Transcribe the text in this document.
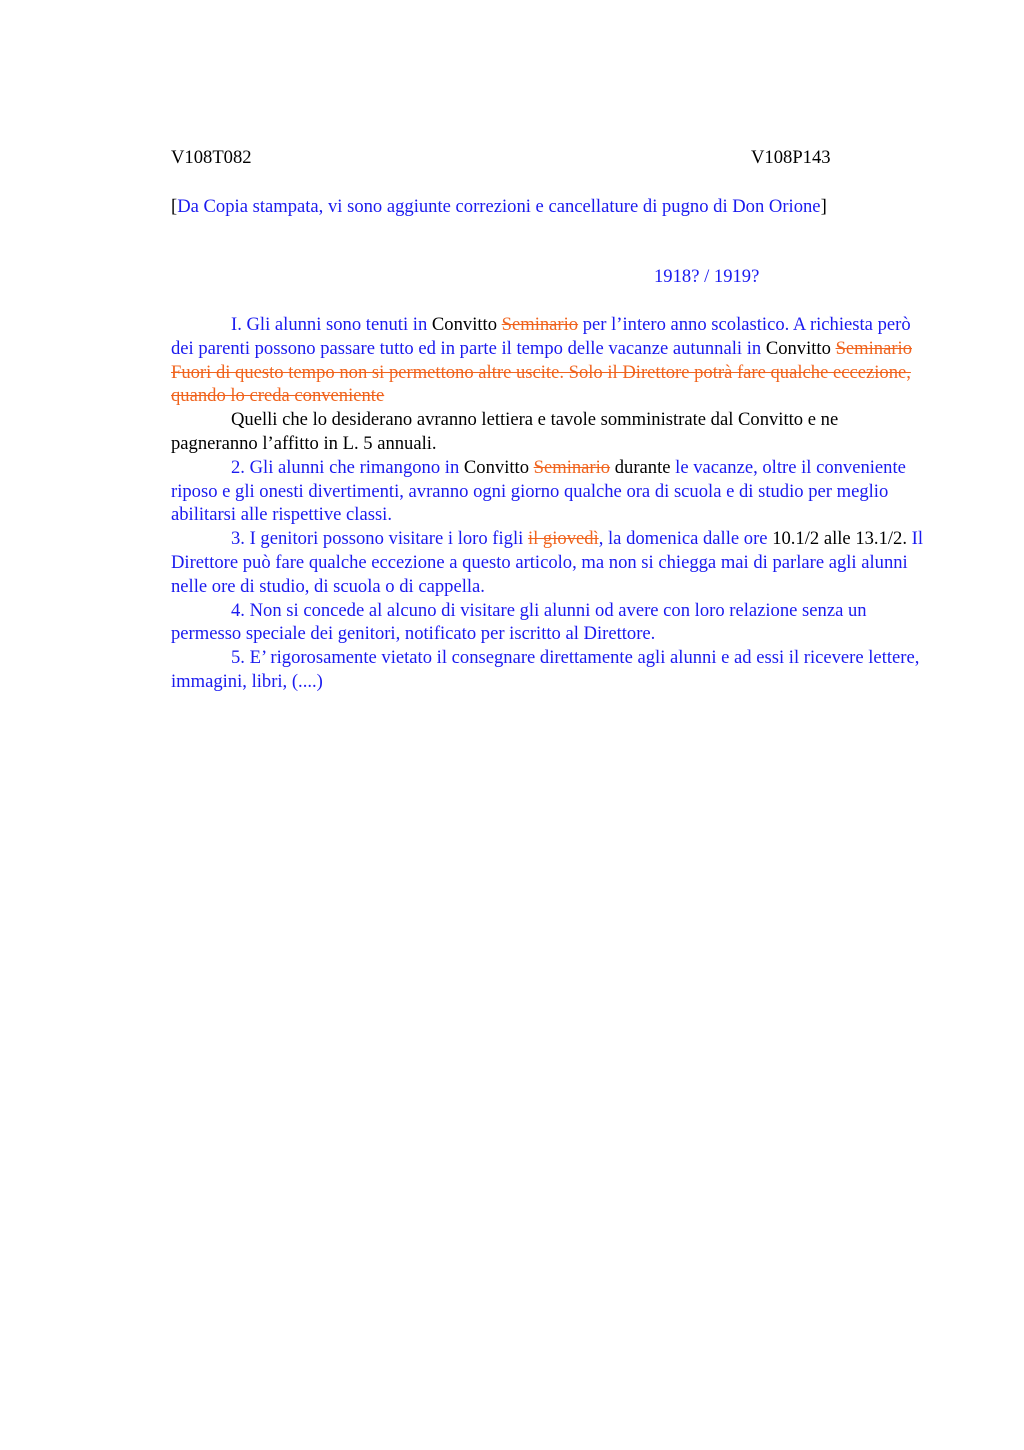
V108T082	V108P143
[Da Copia stampata, vi sono aggiunte correzioni e cancellature di pugno di Don Orione]
1918? / 1919?

I. Gli alunni sono tenuti in Convitto Seminario per l’intero anno scolastico. A richiesta però dei parenti possono passare tutto ed in parte il tempo delle vacanze autunnali in Convitto Seminario

Fuori di questo tempo non si permettono altre uscite. Solo il Direttore potrà fare qualche eccezione, quando lo creda conveniente

Quelli che lo desiderano avranno lettiera e tavole somministrate dal Convitto e ne pagneranno l’affitto in L. 5 annuali.

2. Gli alunni che rimangono in Convitto Seminario durante le vacanze, oltre il conveniente riposo e gli onesti divertimenti, avranno ogni giorno qualche ora di scuola e di studio per meglio abilitarsi alle rispettive classi.

3. I genitori possono visitare i loro figli il giovedì, la domenica dalle ore 10.1/2 alle 13.1/2. Il Direttore può fare qualche eccezione a questo articolo, ma non si chiegga mai di parlare agli alunni nelle ore di studio, di scuola o di cappella.

4. Non si concede al alcuno di visitare gli alunni od avere con loro relazione senza un permesso speciale dei genitori, notificato per iscritto al Direttore.

5. E’ rigorosamente vietato il consegnare direttamente agli alunni e ad essi il ricevere lettere, immagini, libri, (....)
